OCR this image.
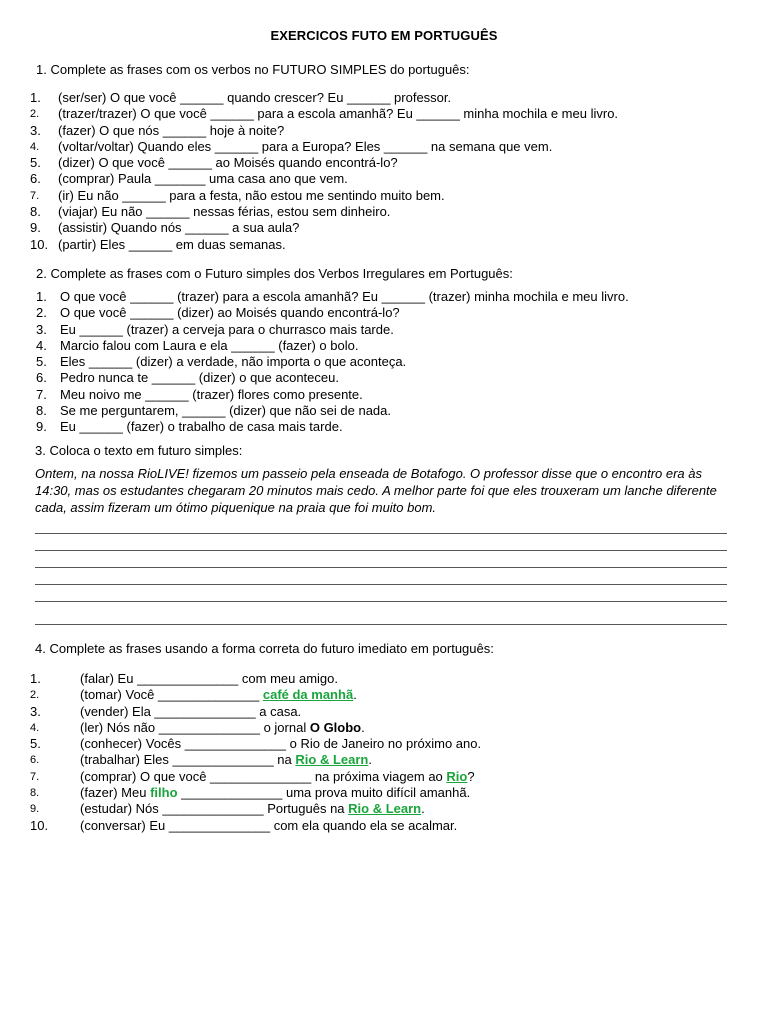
EXERCICOS FUTO EM PORTUGUÊS
1. Complete as frases com os verbos no FUTURO SIMPLES do português:
1.	(ser/ser) O que você ______ quando crescer? Eu ______ professor.
2.	(trazer/trazer) O que você ______ para a escola amanhã? Eu ______ minha mochila e meu livro.
3.	(fazer) O que nós ______ hoje à noite?
4.	(voltar/voltar) Quando eles ______ para a Europa? Eles ______ na semana que vem.
5.	(dizer) O que você ______ ao Moisés quando encontrá-lo?
6.	(comprar) Paula _______ uma casa ano que vem.
7.	(ir) Eu não ______ para a festa, não estou me sentindo muito bem.
8.	(viajar) Eu não ______ nessas férias, estou sem dinheiro.
9.	(assistir) Quando nós ______ a sua aula?
10. (partir) Eles ______ em duas semanas.
2. Complete as frases com o Futuro simples dos Verbos Irregulares em Português:
1.	O que você ______ (trazer) para a escola amanhã? Eu ______ (trazer) minha mochila e meu livro.
2.	O que você ______ (dizer) ao Moisés quando encontrá-lo?
3.	Eu ______ (trazer) a cerveja para o churrasco mais tarde.
4.	Marcio falou com Laura e ela ______ (fazer) o bolo.
5.	Eles ______ (dizer) a verdade, não importa o que aconteça.
6.	Pedro nunca te ______ (dizer) o que aconteceu.
7.	Meu noivo me ______ (trazer) flores como presente.
8.	Se me perguntarem, ______ (dizer) que não sei de nada.
9.	Eu ______ (fazer) o trabalho de casa mais tarde.
3. Coloca o texto em futuro simples:
Ontem, na nossa RioLIVE! fizemos um passeio pela enseada de Botafogo. O professor disse que o encontro era às 14:30, mas os estudantes chegaram 20 minutos mais cedo. A melhor parte foi que eles trouxeram um lanche diferente cada, assim fizeram um ótimo piquenique na praia que foi muito bom.
4. Complete as frases usando a forma correta do futuro imediato em português:
1.	(falar) Eu ______________ com meu amigo.
2.	(tomar) Você ______________ café da manhã.
3.	(vender) Ela ______________ a casa.
4.	(ler) Nós não ______________ o jornal O Globo.
5.	(conhecer) Vocês ______________ o Rio de Janeiro no próximo ano.
6.	(trabalhar) Eles ______________ na Rio & Learn.
7.	(comprar) O que você ______________ na próxima viagem ao Rio?
8.	(fazer) Meu filho ______________ uma prova muito difícil amanhã.
9.	(estudar) Nós ______________ Português na Rio & Learn.
10. (conversar) Eu ______________ com ela quando ela se acalmar.
